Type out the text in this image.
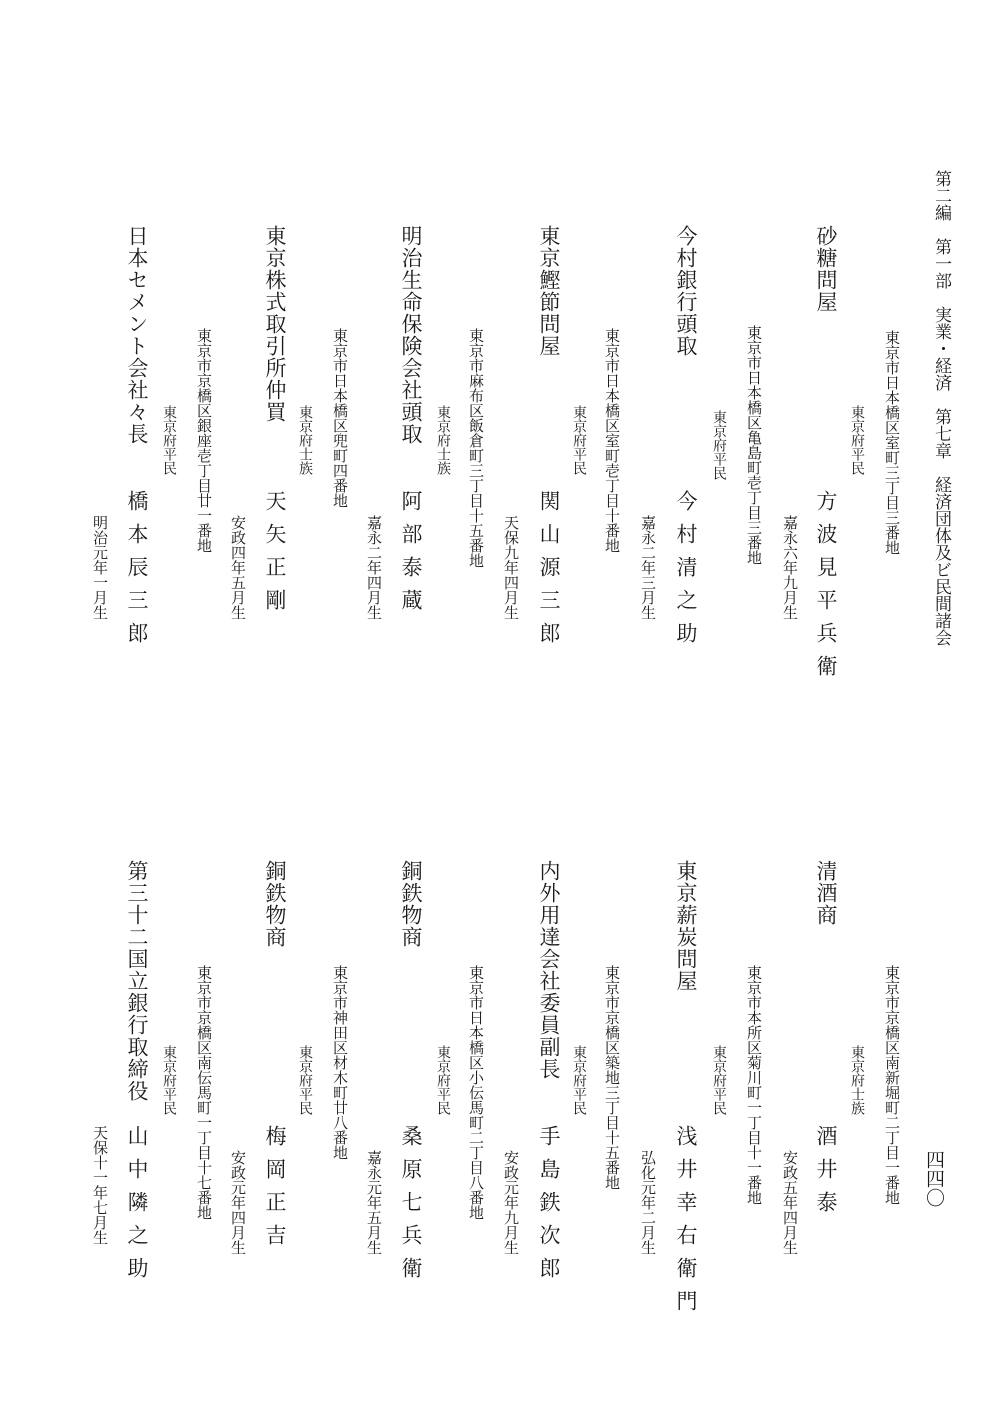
第二編　第一部　実業・経済　第七章　経済団体及ビ民間諸会
四四〇
砂糖問屋
東京市日本橋区室町三丁目三番地
東京府平民
方波見平兵衛
嘉永六年九月生
今村銀行頭取
東京市日本橋区亀島町壱丁目三番地
東京府平民
今村清之助
嘉永二年三月生
東京鰹節問屋
東京市日本橋区室町壱丁目十番地
東京府平民
関山源三郎
天保九年四月生
明治生命保険会社頭取	東京市麻布区飯倉町三丁目十五番地
東京府士族
阿部泰蔵
嘉永二年四月生
東京株式取引所仲買	東京市日本橋区兜町四番地
東京府士族
天矢正剛
安政四年五月生
日本セメント会社々長	東京市京橋区銀座壱丁目廿一番地
東京府平民
橋本辰三郎
明治元年一月生
清酒商
東京市京橋区南新堀町二丁目一番地
東京府士族
酒井泰
安政五年四月生
東京薪炭問屋
東京市本所区菊川町一丁目十一番地
東京府平民
浅井幸右衛門
弘化元年二月生
内外用達会社委員副長	東京市京橋区築地三丁目十五番地
東京府平民
手島鉄次郎
安政元年九月生
銅鉄物商
東京市日本橋区小伝馬町二丁目八番地
東京府平民
桑原七兵衛
嘉永元年五月生
銅鉄物商
東京市神田区材木町廿八番地
東京府平民
梅岡正吉
安政元年四月生
第三十二国立銀行取締役	東京市京橋区南伝馬町一丁目十七番地
東京府平民
山中隣之助
天保十一年七月生
